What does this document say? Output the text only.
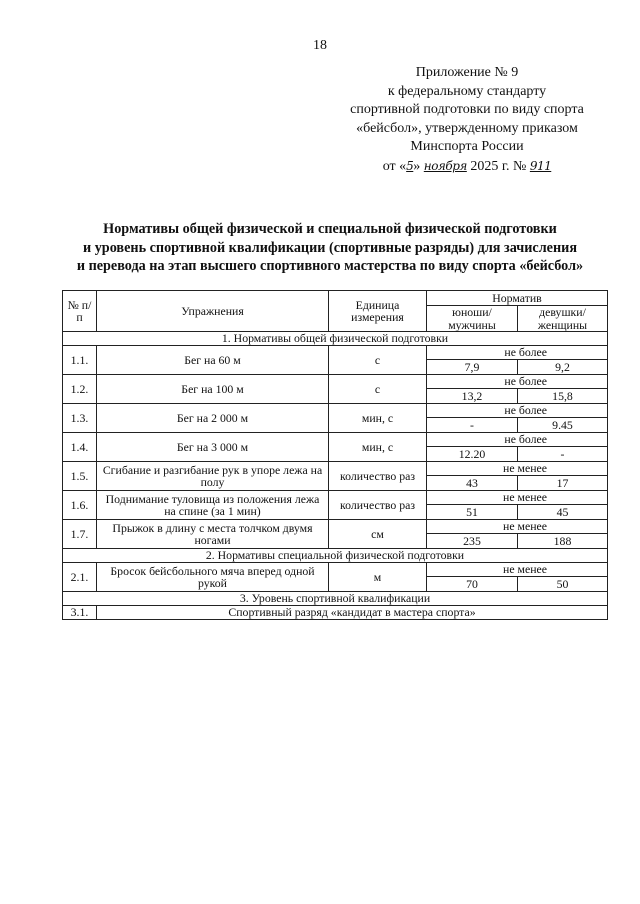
18
Приложение № 9
к федеральному стандарту
спортивной подготовки по виду спорта
«бейсбол», утвержденному приказом
Минспорта России
от «5» ноября 2025 г. № 911
Нормативы общей физической и специальной физической подготовки
и уровень спортивной квалификации (спортивные разряды) для зачисления
и перевода на этап высшего спортивного мастерства по виду спорта «бейсбол»
№ п/п	Упражнения	Единица измерения	Норматив	
			юноши/ мужчины	девушки/ женщины
1. Нормативы общей физической подготовки				
1.1.	Бег на 60 м	с	не более	
			7,9	9,2
1.2.	Бег на 100 м	с	не более	
			13,2	15,8
1.3.	Бег на 2 000 м	мин, с	не более	
			-	9.45
1.4.	Бег на 3 000 м	мин, с	не более	
			12.20	-
1.5.	Сгибание и разгибание рук в упоре лежа на полу	количество раз	не менее	
			43	17
1.6.	Поднимание туловища из положения лежа на спине (за 1 мин)	количество раз	не менее	
			51	45
1.7.	Прыжок в длину с места толчком двумя ногами	см	не менее	
			235	188
2. Нормативы специальной физической подготовки				
2.1.	Бросок бейсбольного мяча вперед одной рукой	м	не менее	
			70	50
3. Уровень спортивной квалификации				
3.1.	Спортивный разряд «кандидат в мастера спорта»			
